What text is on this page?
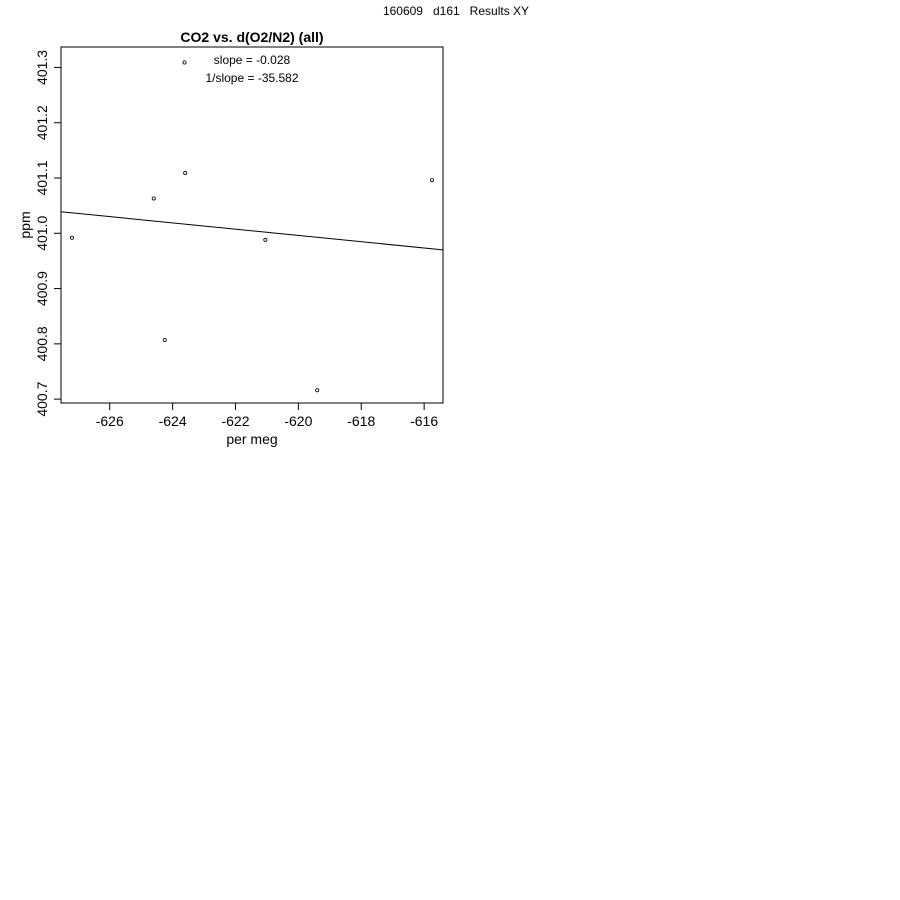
160609   d161   Results XY
CO2 vs. d(O2/N2) (all)
per meg
ppm
slope = -0.028
1/slope = -35.582
-626 -624 -622 -620 -618 -616
400.7
400.8
400.9
401.0
401.1
401.2
401.3
